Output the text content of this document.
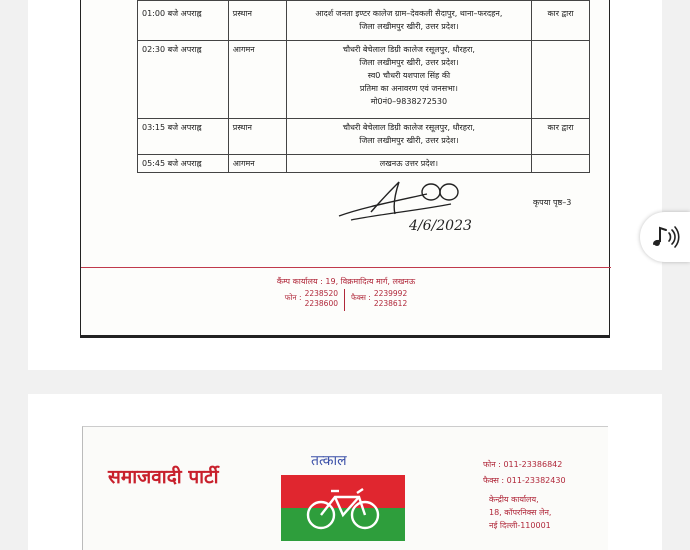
01:00 बजे अपराह्न	प्रस्थान	आदर्श जनता इण्टर कालेज ग्राम–देवकली सैदापुर, थाना–फरदहन,
जिला लखीमपुर खीरी, उत्तर प्रदेश।	कार द्वारा
02:30 बजे अपराह्न	आगमन	चौधरी बेचेलाल डिग्री कालेज रसूलपुर, धौरहरा,
जिला लखीमपुर खीरी, उत्तर प्रदेश।
स्व0 चौधरी यशपाल सिंह की
प्रतिमा का अनावरण एवं जनसभा।
मो0नं0–9838272530	

03:15 बजे अपराह्न	प्रस्थान	चौधरी बेचेलाल डिग्री कालेज रसूलपुर, धौरहरा,
जिला लखीमपुर खीरी, उत्तर प्रदेश।	कार द्वारा
05:45 बजे अपराह्न	आगमन	लखनऊ उत्तर प्रदेश।	

4/6/2023
कृपया पृष्ठ–3
कैंम्प कार्यालय : 19, विक्रमादित्य मार्ग, लखनऊ
फोन : 2238520
2238600
फैक्स : 2239992
2238612
समाजवादी पार्टी
तत्काल	फोन : 011-23386842
फैक्स : 011-23382430
केन्द्रीय कार्यालय,
18, कॉपरनिक्स लेन,
नई दिल्ली-110001
